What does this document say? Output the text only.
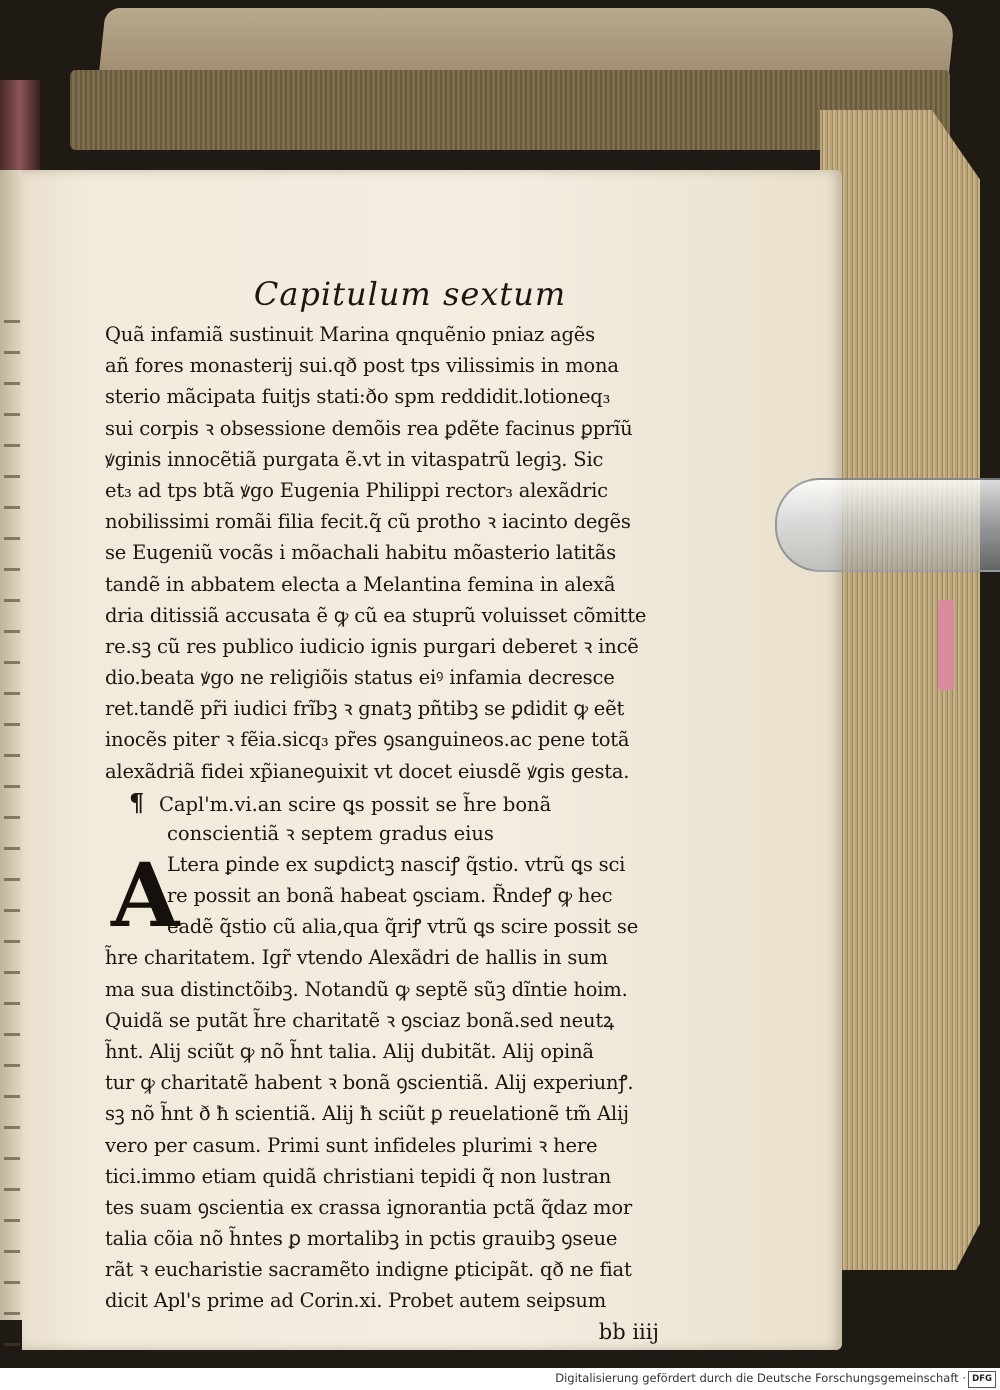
Capitulum sextum
Quã infamiã sustinuit Marina qnquẽnio pniaz agẽs
añ fores monasterij sui.qð post tps vilissimis in mona
sterio mãcipata fuitjs stati:ðo spm reddidit.lotioneq₃
sui corpis ꝛ obsessione demõis rea ꝑdẽte facinus ꝑprĩũ
ꝟginis innocẽtiã purgata ẽ.vt in vitaspatrũ legiꝫ. Sic
et₃ ad tps btã ꝟgo Eugenia Philippi rector₃ alexãdric
nobilissimi romãi filia fecit.q̃ cũ protho ꝛ iacinto degẽs
se Eugeniũ vocãs i mõachali habitu mõasterio latitãs
tandẽ in abbatem electa a Melantina femina in alexã
dria ditissiã accusata ẽ ꝙ cũ ea stuprũ voluisset cõmitte
re.sꝫ cũ res publico iudicio ignis purgari deberet ꝛ incẽ
dio.beata ꝟgo ne religiõis status eiꝰ infamia decresce
ret.tandẽ pr̃i iudici frĩbꝫ ꝛ gnatꝫ pñtibꝫ se ꝑdidit ꝙ eẽt
inocẽs piter ꝛ fẽia.sicq₃ pr̃es ꝯsanguineos.ac pene totã
alexãdriã fidei xp̃ianeꝯuixit vt docet eiusdẽ ꝟgis gesta.
¶ Capl'm.vi.an scire ꝗs possit se h̃re bonã
conscientiã ꝛ septem gradus eius
A
Ltera ꝑinde ex suꝑdictꝫ nasciꝭ q̃stio. vtrũ ꝗs sci
re possit an bonã habeat ꝯsciam. R̃ndeꝭ ꝙ hec
eadẽ q̃stio cũ alia,qua q̃riꝭ vtrũ ꝗs scire possit se
h̃re charitatem. Igr̃ vtendo Alexãdri de hallis in sum
ma sua distinctõibꝫ. Notandũ ꝙ septẽ sũꝫ dĩntie hoim.
Quidã se putãt h̃re charitatẽ ꝛ ꝯsciaz bonã.sed neutꝝ
h̃nt. Alij sciũt ꝙ nõ h̃nt talia. Alij dubitãt. Alij opinã
tur ꝙ charitatẽ habent ꝛ bonã ꝯscientiã. Alij experiunꝭ.
sꝫ nõ h̃nt ð ħ scientiã. Alij ħ sciũt ꝑ reuelationẽ tm̃ Alij
vero per casum. Primi sunt infideles plurimi ꝛ here
tici.immo etiam quidã christiani tepidi q̃ non lustran
tes suam ꝯscientia ex crassa ignorantia pctã q̃daz mor
talia cõia nõ h̃ntes ꝑ mortalibꝫ in pctis grauibꝫ ꝯseue
rãt ꝛ eucharistie sacramẽto indigne ꝑticipãt. qð ne fiat
dicit Apl's prime ad Corin.xi. Probet autem seipsum
bb iiij
Digitalisierung gefördert durch die Deutsche Forschungsgemeinschaft · DFG
